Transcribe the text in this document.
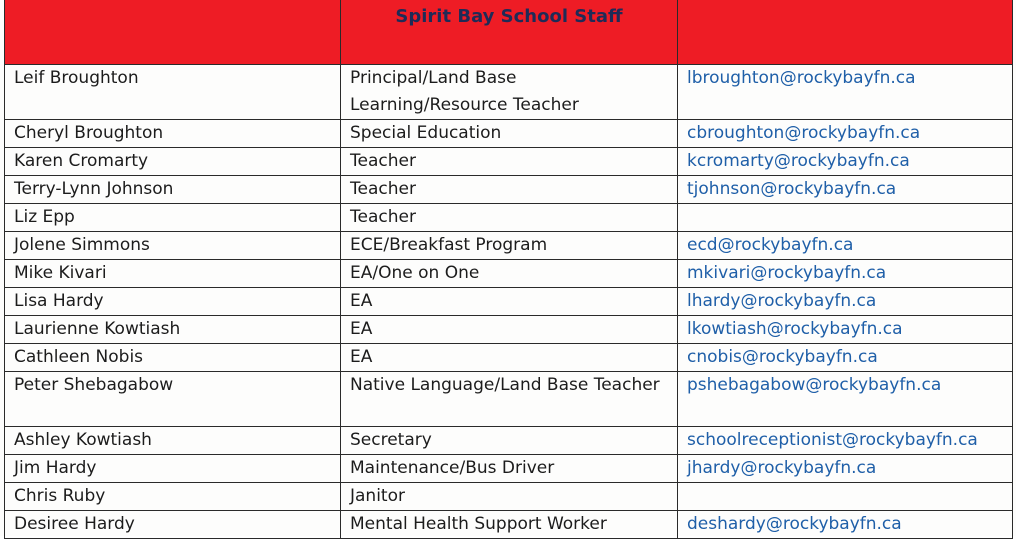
	Spirit Bay School Staff	

Leif Broughton	Principal/Land Base Learning/Resource Teacher	lbroughton@rockybayfn.ca
Cheryl Broughton	Special Education	cbroughton@rockybayfn.ca
Karen Cromarty	Teacher	kcromarty@rockybayfn.ca
Terry-Lynn Johnson	Teacher	tjohnson@rockybayfn.ca
Liz Epp	Teacher	
Jolene Simmons	ECE/Breakfast Program	ecd@rockybayfn.ca
Mike Kivari	EA/One on One	mkivari@rockybayfn.ca
Lisa Hardy	EA	lhardy@rockybayfn.ca
Laurienne Kowtiash	EA	lkowtiash@rockybayfn.ca
Cathleen Nobis	EA	cnobis@rockybayfn.ca
Peter Shebagabow	Native Language/Land Base Teacher	pshebagabow@rockybayfn.ca
Ashley Kowtiash	Secretary	schoolreceptionist@rockybayfn.ca
Jim Hardy	Maintenance/Bus Driver	jhardy@rockybayfn.ca
Chris Ruby	Janitor	
Desiree Hardy	Mental Health Support Worker	deshardy@rockybayfn.ca
